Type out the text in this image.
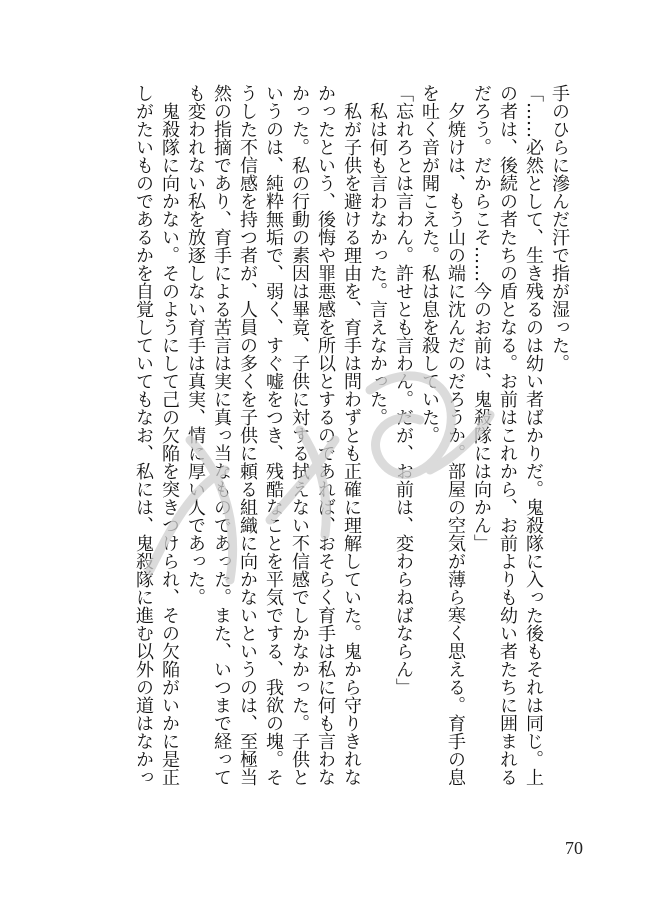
手のひらに滲んだ汗で指が湿った。
「……必然として、生き残るのは幼い者ばかりだ。鬼殺隊に入った後もそれは同じ。上
の者は、後続の者たちの盾となる。お前はこれから、お前よりも幼い者たちに囲まれる
だろう。だからこそ……今のお前は、鬼殺隊には向かん」
　夕焼けは、もう山の端に沈んだのだろうか。部屋の空気が薄ら寒く思える。育手の息
を吐く音が聞こえた。私は息を殺していた。
「忘れろとは言わん。許せとも言わん。だが、お前は、変わらねばならん」
　私は何も言わなかった。言えなかった。
　私が子供を避ける理由を、育手は問わずとも正確に理解していた。鬼から守りきれな
かったという、後悔や罪悪感を所以とするのであれば、おそらく育手は私に何も言わな
かった。私の行動の素因は畢竟、子供に対する拭えない不信感でしかなかった。子供と
いうのは、純粋無垢で、弱く、すぐ嘘をつき、残酷なことを平気でする、我欲の塊。そ
うした不信感を持つ者が、人員の多くを子供に頼る組織に向かないというのは、至極当
然の指摘であり、育手による苦言は実に真っ当なものであった。また、いつまで経って
も変われない私を放逐しない育手は真実、情に厚い人であった。
　鬼殺隊に向かない。そのようにして己の欠陥を突きつけられ、その欠陥がいかに是正
しがたいものであるかを自覚していてもなお、私には、鬼殺隊に進む以外の道はなかっ
70
